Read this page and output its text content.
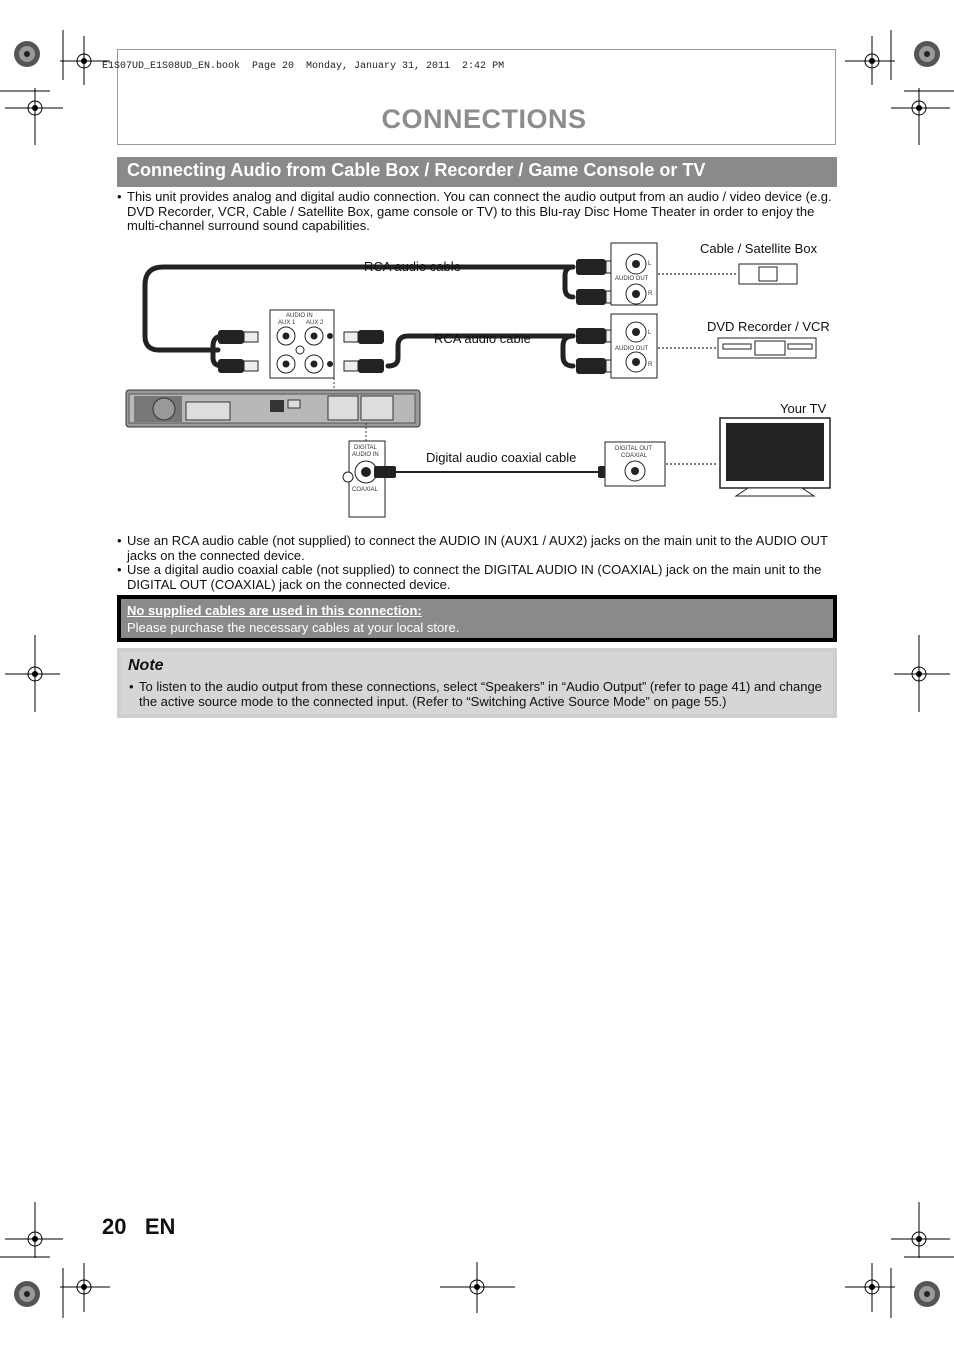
E1S07UD_E1S08UD_EN.book  Page 20  Monday, January 31, 2011  2:42 PM
CONNECTIONS
Connecting Audio from Cable Box / Recorder / Game Console or TV
• This unit provides analog and digital audio connection. You can connect the audio output from an audio / video device (e.g. DVD Recorder, VCR, Cable / Satellite Box, game console or TV) to this Blu-ray Disc Home Theater in order to enjoy the multi-channel surround sound capabilities.
L
R
AUDIO OUT
L
R
AUDIO OUT
AUDIO IN
AUX 1 AUX 2
DIGITAL
AUDIO IN
COAXIAL
DIGITAL OUT
COAXIAL
RCA audio cable
RCA audio cable
Digital audio coaxial cable
Cable / Satellite Box
DVD Recorder / VCR
Your TV
• Use an RCA audio cable (not supplied) to connect the AUDIO IN (AUX1 / AUX2) jacks on the main unit to the AUDIO OUT jacks on the connected device.
• Use a digital audio coaxial cable (not supplied) to connect the DIGITAL AUDIO IN (COAXIAL) jack on the main unit to the DIGITAL OUT (COAXIAL) jack on the connected device.
No supplied cables are used in this connection:
Please purchase the necessary cables at your local store.
Note
• To listen to the audio output from these connections, select “Speakers” in “Audio Output” (refer to page 41) and change the active source mode to the connected input. (Refer to “Switching Active Source Mode” on page 55.)
20 EN
